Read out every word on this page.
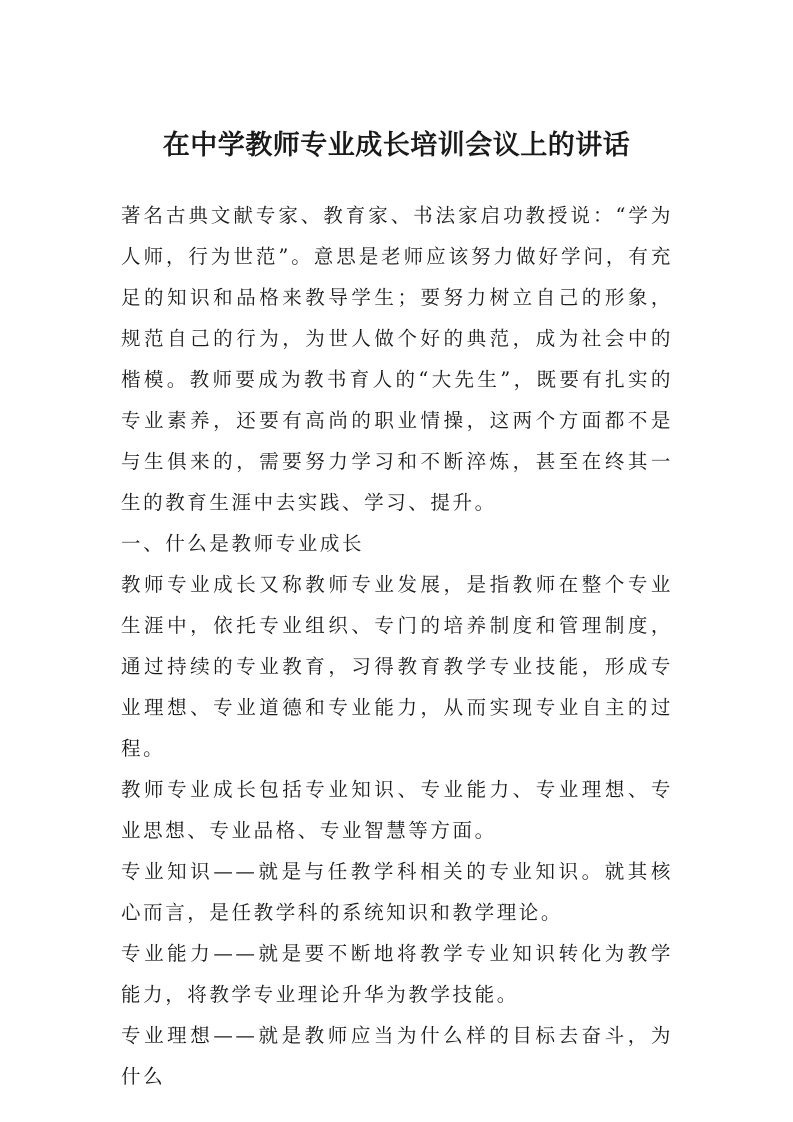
在中学教师专业成长培训会议上的讲话

著名古典文献专家、教育家、书法家启功教授说：“学为人师，行为世范”。意思是老师应该努力做好学问，有充足的知识和品格来教导学生；要努力树立自己的形象，规范自己的行为，为世人做个好的典范，成为社会中的楷模。教师要成为教书育人的“大先生”，既要有扎实的专业素养，还要有高尚的职业情操，这两个方面都不是与生俱来的，需要努力学习和不断淬炼，甚至在终其一生的教育生涯中去实践、学习、提升。

一、什么是教师专业成长

教师专业成长又称教师专业发展，是指教师在整个专业生涯中，依托专业组织、专门的培养制度和管理制度，通过持续的专业教育，习得教育教学专业技能，形成专业理想、专业道德和专业能力，从而实现专业自主的过程。

教师专业成长包括专业知识、专业能力、专业理想、专业思想、专业品格、专业智慧等方面。

专业知识——就是与任教学科相关的专业知识。就其核心而言，是任教学科的系统知识和教学理论。

专业能力——就是要不断地将教学专业知识转化为教学能力，将教学专业理论升华为教学技能。

专业理想——就是教师应当为什么样的目标去奋斗，为什么
